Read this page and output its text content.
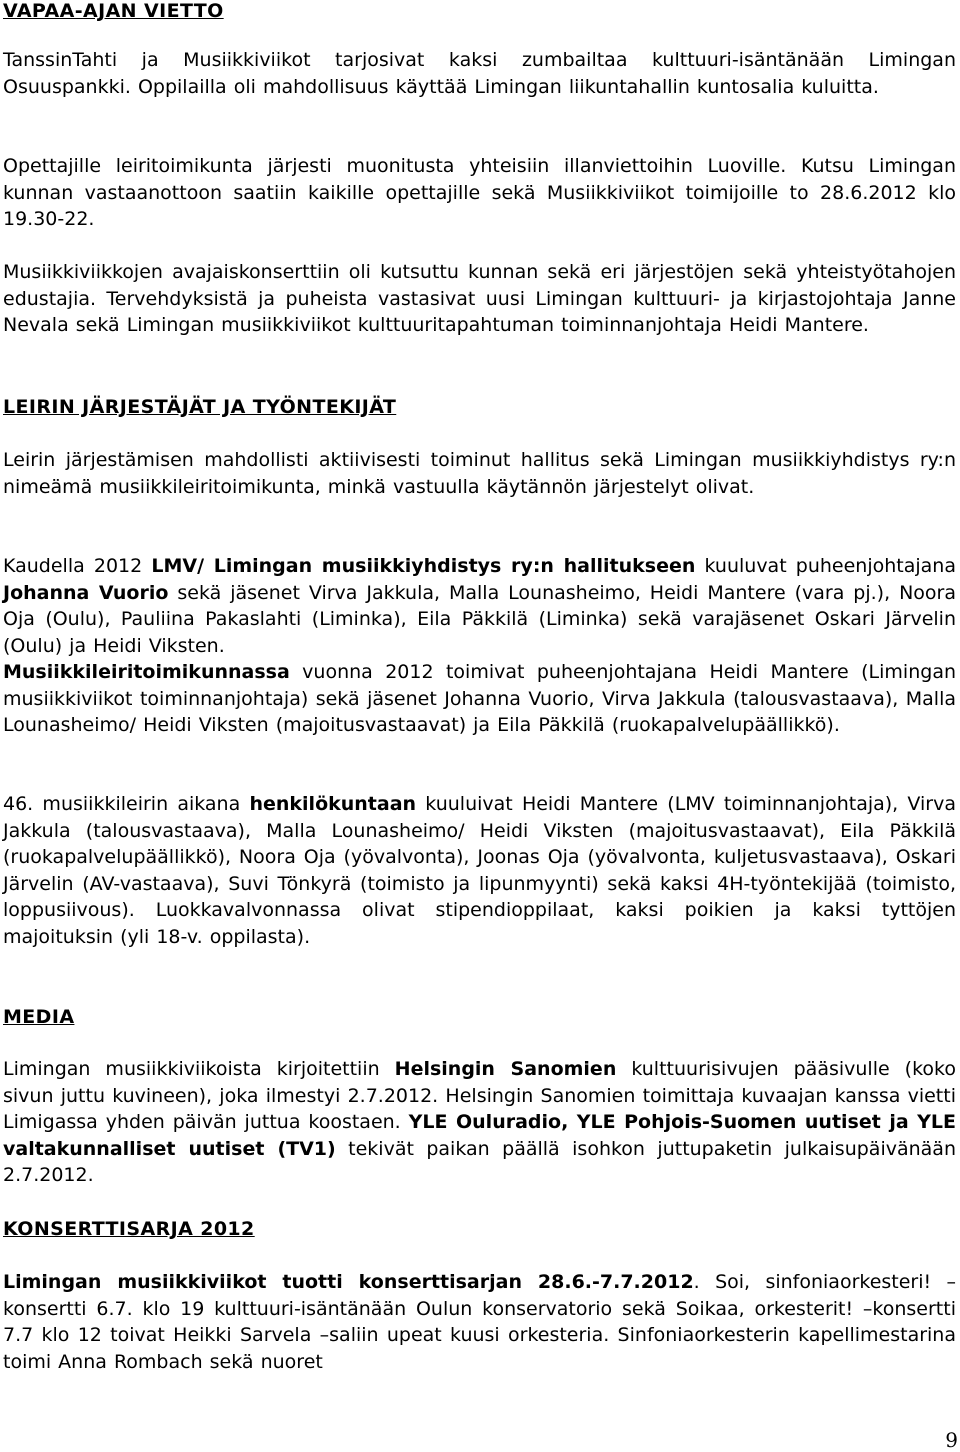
VAPAA-AJAN VIETTO
TanssinTahti ja Musiikkiviikot tarjosivat kaksi zumbailtaa kulttuuri-isäntänään Limingan Osuuspankki. Oppilailla oli mahdollisuus käyttää Limingan liikuntahallin kuntosalia kuluitta.
Opettajille leiritoimikunta järjesti muonitusta yhteisiin illanviettoihin Luoville. Kutsu Limingan kunnan vastaanottoon saatiin kaikille opettajille sekä Musiikkiviikot toimijoille to 28.6.2012 klo 19.30-22.
Musiikkiviikkojen avajaiskonserttiin oli kutsuttu kunnan sekä eri järjestöjen sekä yhteistyötahojen edustajia. Tervehdyksistä ja puheista vastasivat uusi Limingan kulttuuri- ja kirjastojohtaja Janne Nevala sekä Limingan musiikkiviikot kulttuuritapahtuman toiminnanjohtaja Heidi Mantere.
LEIRIN JÄRJESTÄJÄT JA TYÖNTEKIJÄT
Leirin järjestämisen mahdollisti aktiivisesti toiminut hallitus sekä Limingan musiikkiyhdistys ry:n nimeämä musiikkileiritoimikunta, minkä vastuulla käytännön järjestelyt olivat.
Kaudella 2012 LMV/ Limingan musiikkiyhdistys ry:n hallitukseen kuuluvat puheenjohtajana Johanna Vuorio sekä jäsenet Virva Jakkula, Malla Lounasheimo, Heidi Mantere (vara pj.), Noora Oja (Oulu), Pauliina Pakaslahti (Liminka), Eila Päkkilä (Liminka) sekä varajäsenet Oskari Järvelin (Oulu) ja Heidi Viksten.
Musiikkileiritoimikunnassa vuonna 2012 toimivat puheenjohtajana Heidi Mantere (Limingan musiikkiviikot toiminnanjohtaja) sekä jäsenet Johanna Vuorio, Virva Jakkula (talousvastaava), Malla Lounasheimo/ Heidi Viksten (majoitusvastaavat) ja Eila Päkkilä (ruokapalvelupäällikkö).
46. musiikkileirin aikana henkilökuntaan kuuluivat Heidi Mantere (LMV toiminnanjohtaja), Virva Jakkula (talousvastaava), Malla Lounasheimo/ Heidi Viksten (majoitusvastaavat), Eila Päkkilä (ruokapalvelupäällikkö), Noora Oja (yövalvonta), Joonas Oja (yövalvonta, kuljetusvastaava), Oskari Järvelin (AV-vastaava), Suvi Tönkyrä (toimisto ja lipunmyynti) sekä kaksi 4H-työntekijää (toimisto, loppusiivous). Luokkavalvonnassa olivat stipendioppilaat, kaksi poikien ja kaksi tyttöjen majoituksin (yli 18-v. oppilasta).
MEDIA
Limingan musiikkiviikoista kirjoitettiin Helsingin Sanomien kulttuurisivujen pääsivulle (koko sivun juttu kuvineen), joka ilmestyi 2.7.2012. Helsingin Sanomien toimittaja kuvaajan kanssa vietti Limigassa yhden päivän juttua koostaen. YLE Ouluradio, YLE Pohjois-Suomen uutiset ja YLE valtakunnalliset uutiset (TV1) tekivät paikan päällä isohkon juttupaketin julkaisupäivänään 2.7.2012.
KONSERTTISARJA 2012
Limingan musiikkiviikot tuotti konserttisarjan 28.6.-7.7.2012. Soi, sinfoniaorkesteri! –konsertti 6.7. klo 19 kulttuuri-isäntänään Oulun konservatorio sekä Soikaa, orkesterit! –konsertti 7.7 klo 12 toivat Heikki Sarvela –saliin upeat kuusi orkesteria. Sinfoniaorkesterin kapellimestarina toimi Anna Rombach sekä nuoret
9
